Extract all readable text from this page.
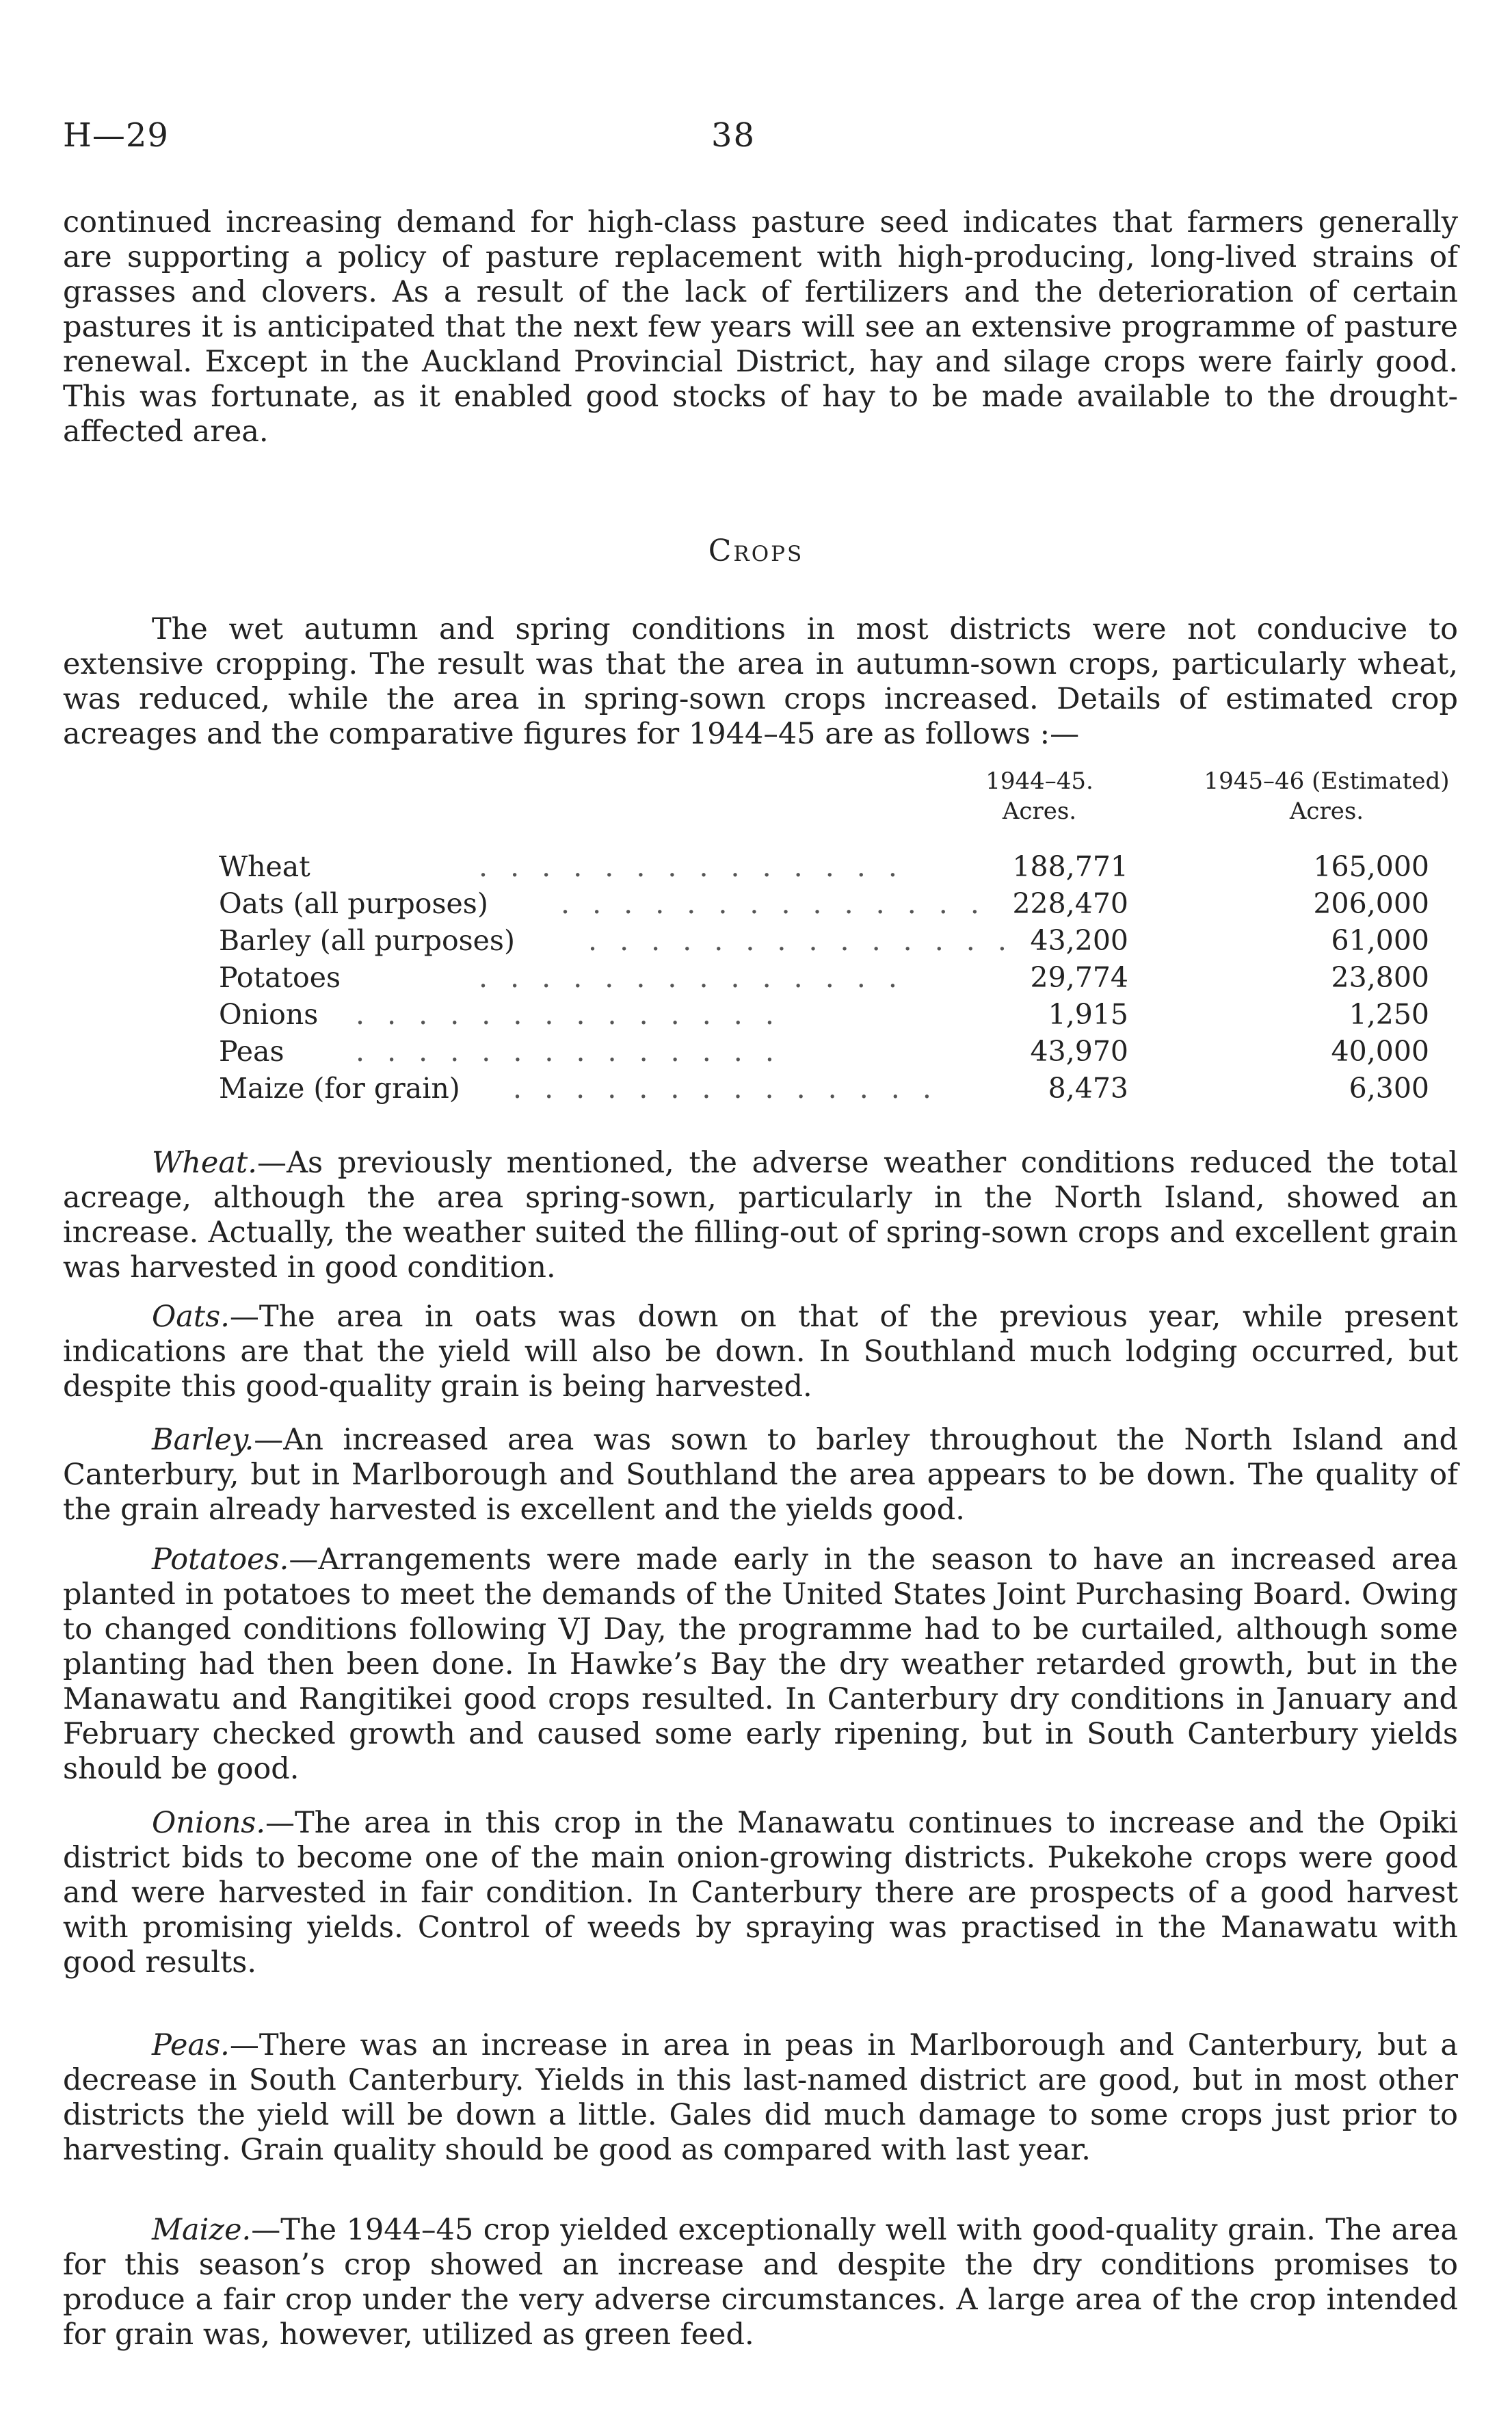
H—29	38

continued increasing demand for high-class pasture seed indicates that farmers generally are supporting a policy of pasture replacement with high-producing, long-lived strains of grasses and clovers. As a result of the lack of fertilizers and the deterioration of certain pastures it is anticipated that the next few years will see an extensive programme of pasture renewal. Except in the Auckland Provincial District, hay and silage crops were fairly good. This was fortunate, as it enabled good stocks of hay to be made available to the drought-affected area.

Crops

The wet autumn and spring conditions in most districts were not conducive to extensive cropping. The result was that the area in autumn-sown crops, particularly wheat, was reduced, while the area in spring-sown crops increased. Details of estimated crop acreages and the comparative figures for 1944–45 are as follows :—

1944–45.
Acres.
1945–46 (Estimated)
Acres.
Wheat	. . . . . . . . . . . . . .	188,771	165,000
Oats (all purposes)	. . . . . . . . . . . . . . 228,470	206,000
Barley (all purposes)	. . . . . . . . . . . . . . 43,200	61,000
Potatoes	. . . . . . . . . . . . . .	29,774	23,800
Onions . . . . . . . . . . . . . .	1,915	1,250
Peas	. . . . . . . . . . . . . .	43,970	40,000
Maize (for grain) . . . . . . . . . . . . . .	8,473	6,300

Wheat.—As previously mentioned, the adverse weather conditions reduced the total acreage, although the area spring-sown, particularly in the North Island, showed an increase. Actually, the weather suited the filling-out of spring-sown crops and excellent grain was harvested in good condition.

Oats.—The area in oats was down on that of the previous year, while present indications are that the yield will also be down. In Southland much lodging occurred, but despite this good-quality grain is being harvested.

Barley.—An increased area was sown to barley throughout the North Island and Canterbury, but in Marlborough and Southland the area appears to be down. The quality of the grain already harvested is excellent and the yields good.

Potatoes.—Arrangements were made early in the season to have an increased area planted in potatoes to meet the demands of the United States Joint Purchasing Board. Owing to changed conditions following VJ Day, the programme had to be curtailed, although some planting had then been done. In Hawke’s Bay the dry weather retarded growth, but in the Manawatu and Rangitikei good crops resulted. In Canterbury dry conditions in January and February checked growth and caused some early ripening, but in South Canterbury yields should be good.

Onions.—The area in this crop in the Manawatu continues to increase and the Opiki district bids to become one of the main onion-growing districts. Pukekohe crops were good and were harvested in fair condition. In Canterbury there are prospects of a good harvest with promising yields. Control of weeds by spraying was practised in the Manawatu with good results.

Peas.—There was an increase in area in peas in Marlborough and Canterbury, but a decrease in South Canterbury. Yields in this last-named district are good, but in most other districts the yield will be down a little. Gales did much damage to some crops just prior to harvesting. Grain quality should be good as compared with last year.

Maize.—The 1944–45 crop yielded exceptionally well with good-quality grain. The area for this season’s crop showed an increase and despite the dry conditions promises to produce a fair crop under the very adverse circumstances. A large area of the crop intended for grain was, however, utilized as green feed.
